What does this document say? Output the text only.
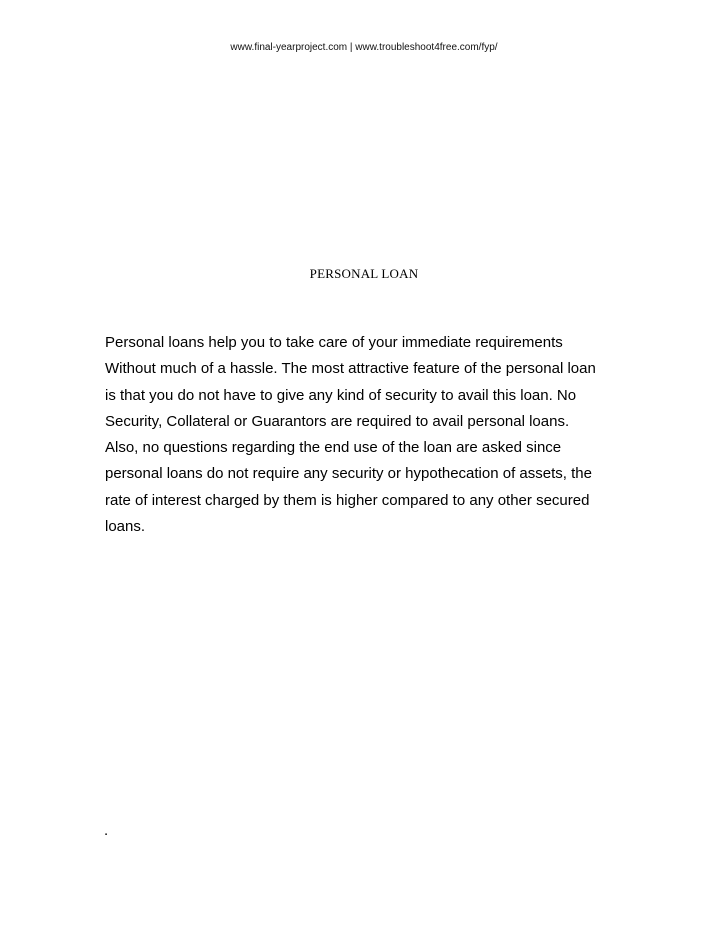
www.final-yearproject.com | www.troubleshoot4free.com/fyp/
PERSONAL LOAN
Personal loans help you to take care of your immediate requirements
Without much of a hassle. The most attractive feature of the personal loan
is that you do not have to give any kind of security to avail this loan. No
Security, Collateral or Guarantors are required to avail personal loans.
Also, no questions regarding the end use of the loan are asked since
personal loans do not require any security or hypothecation of assets, the
rate of interest charged by them is higher compared to any other secured
loans.
.
